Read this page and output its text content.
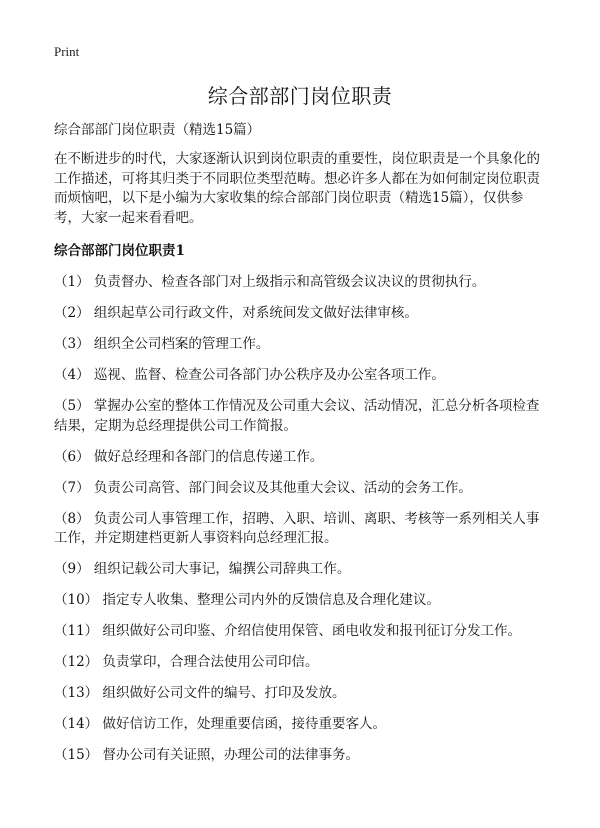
Print
综合部部门岗位职责

综合部部门岗位职责（精选15篇）

在不断进步的时代，大家逐渐认识到岗位职责的重要性，岗位职责是一个具象化的工作描述，可将其归类于不同职位类型范畴。想必许多人都在为如何制定岗位职责而烦恼吧，以下是小编为大家收集的综合部部门岗位职责（精选15篇），仅供参考，大家一起来看看吧。

综合部部门岗位职责1

（1） 负责督办、检查各部门对上级指示和高管级会议决议的贯彻执行。

（2） 组织起草公司行政文件，对系统间发文做好法律审核。

（3） 组织全公司档案的管理工作。

（4） 巡视、监督、检查公司各部门办公秩序及办公室各项工作。

（5） 掌握办公室的整体工作情况及公司重大会议、活动情况，汇总分析各项检查结果，定期为总经理提供公司工作简报。

（6） 做好总经理和各部门的信息传递工作。

（7） 负责公司高管、部门间会议及其他重大会议、活动的会务工作。

（8） 负责公司人事管理工作，招聘、入职、培训、离职、考核等一系列相关人事工作，并定期建档更新人事资料向总经理汇报。

（9） 组织记载公司大事记，编撰公司辞典工作。

（10） 指定专人收集、整理公司内外的反馈信息及合理化建议。

（11） 组织做好公司印鉴、介绍信使用保管、函电收发和报刊征订分发工作。

（12） 负责掌印，合理合法使用公司印信。

（13） 组织做好公司文件的编号、打印及发放。

（14） 做好信访工作，处理重要信函，接待重要客人。

（15） 督办公司有关证照，办理公司的法律事务。
